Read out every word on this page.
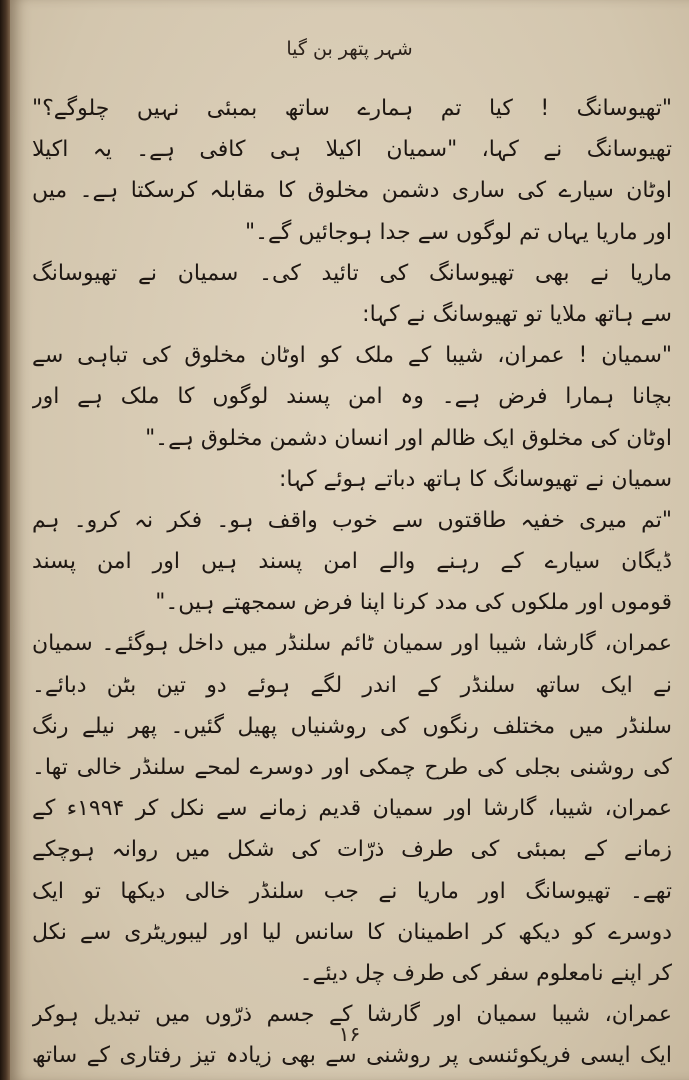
شہر پتھر بن گیا
"تھیوسانگ ! کیا تم ہمارے ساتھ بمبئی نہیں چلوگے؟"
تھیوسانگ نے کہا، "سمیان اکیلا ہی کافی ہے۔ یہ اکیلا
اوٹان سیارے کی ساری دشمن مخلوق کا مقابلہ کرسکتا ہے۔ میں
اور ماریا یہاں تم لوگوں سے جدا ہوجائیں گے۔"
ماریا نے بھی تھیوسانگ کی تائید کی۔ سمیان نے تھیوسانگ
سے ہاتھ ملایا تو تھیوسانگ نے کہا:
"سمیان ! عمران، شیبا کے ملک کو اوٹان مخلوق کی تباہی سے
بچانا ہمارا فرض ہے۔ وہ امن پسند لوگوں کا ملک ہے اور
اوٹان کی مخلوق ایک ظالم اور انسان دشمن مخلوق ہے۔"
سمیان نے تھیوسانگ کا ہاتھ دباتے ہوئے کہا:
"تم میری خفیہ طاقتوں سے خوب واقف ہو۔ فکر نہ کرو۔ ہم
ڈیگان سیارے کے رہنے والے امن پسند ہیں اور امن پسند
قوموں اور ملکوں کی مدد کرنا اپنا فرض سمجھتے ہیں۔"
عمران، گارشا، شیبا اور سمیان ٹائم سلنڈر میں داخل ہوگئے۔ سمیان
نے ایک ساتھ سلنڈر کے اندر لگے ہوئے دو تین بٹن دبائے۔
سلنڈر میں مختلف رنگوں کی روشنیاں پھیل گئیں۔ پھر نیلے رنگ
کی روشنی بجلی کی طرح چمکی اور دوسرے لمحے سلنڈر خالی تھا۔
عمران، شیبا، گارشا اور سمیان قدیم زمانے سے نکل کر ۱۹۹۴ء کے
زمانے کے بمبئی کی طرف ذرّات کی شکل میں روانہ ہوچکے
تھے۔ تھیوسانگ اور ماریا نے جب سلنڈر خالی دیکھا تو ایک
دوسرے کو دیکھ کر اطمینان کا سانس لیا اور لیبوریٹری سے نکل
کر اپنے نامعلوم سفر کی طرف چل دیئے۔
عمران، شیبا سمیان اور گارشا کے جسم ذرّوں میں تبدیل ہوکر
ایک ایسی فریکوئنسی پر روشنی سے بھی زیادہ تیز رفتاری کے ساتھ
۱۶
